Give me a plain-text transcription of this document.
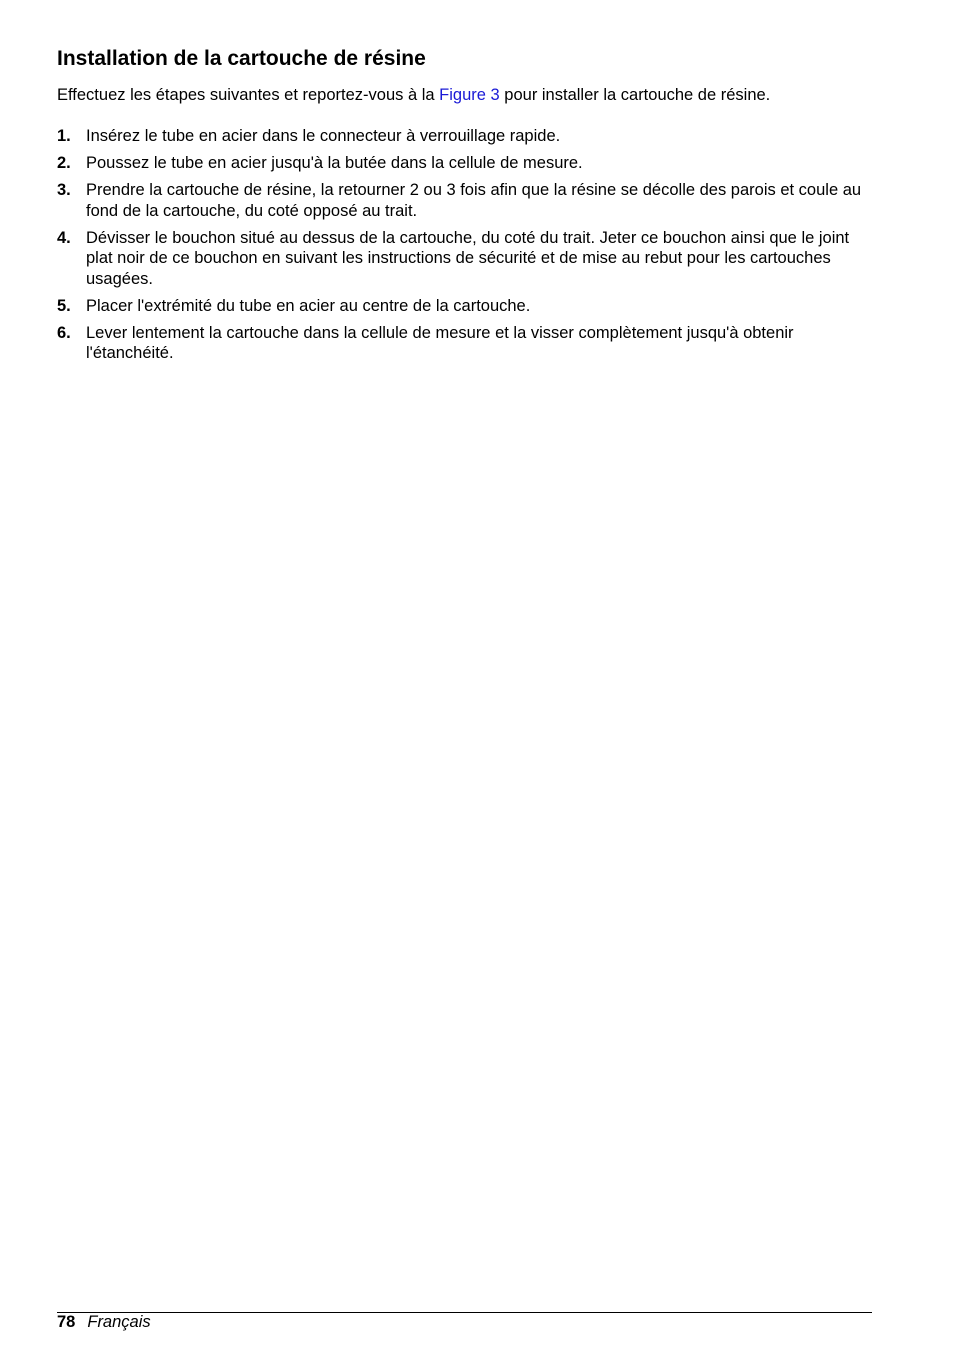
Installation de la cartouche de résine

Effectuez les étapes suivantes et reportez-vous à la Figure 3 pour installer la cartouche de résine.

1. Insérez le tube en acier dans le connecteur à verrouillage rapide.
2. Poussez le tube en acier jusqu'à la butée dans la cellule de mesure.
3. Prendre la cartouche de résine, la retourner 2 ou 3 fois afin que la résine se décolle des parois et coule au fond de la cartouche, du coté opposé au trait.
4. Dévisser le bouchon situé au dessus de la cartouche, du coté du trait. Jeter ce bouchon ainsi que le joint plat noir de ce bouchon en suivant les instructions de sécurité et de mise au rebut pour les cartouches usagées.
5. Placer l'extrémité du tube en acier au centre de la cartouche.
6. Lever lentement la cartouche dans la cellule de mesure et la visser complètement jusqu'à obtenir l'étanchéité.
78 Français
